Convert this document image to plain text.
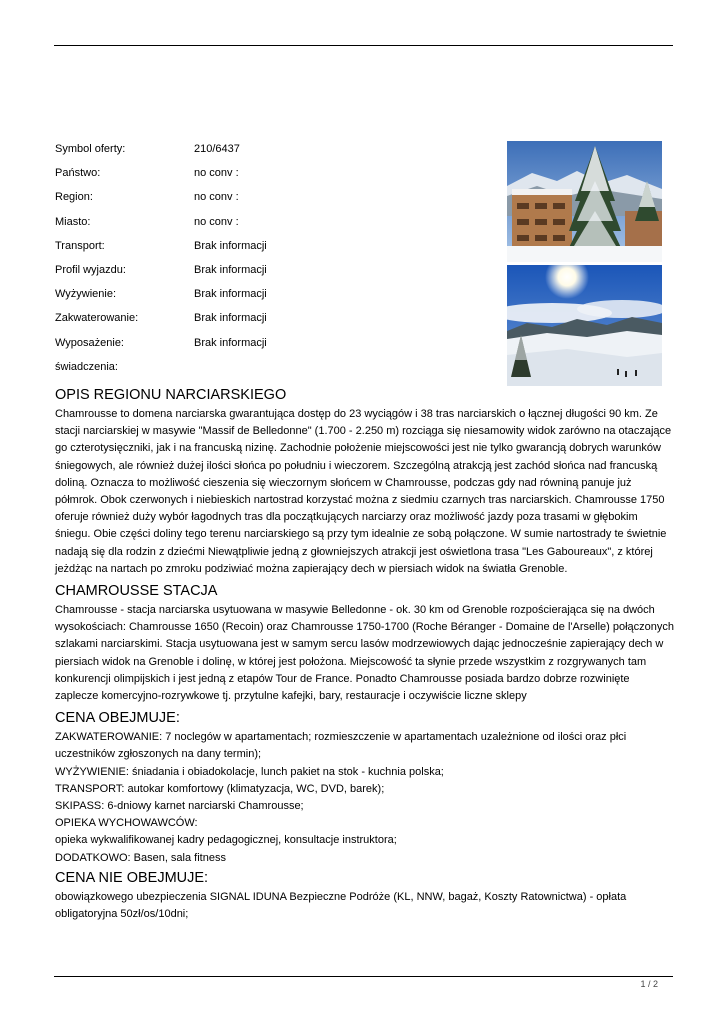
Symbol oferty:	210/6437
Państwo:	no conv :
Region:	no conv :
Miasto:	no conv :
Transport:	Brak informacji
Profil wyjazdu:	Brak informacji
Wyżywienie:	Brak informacji
Zakwaterowanie:	Brak informacji
Wyposażenie:	Brak informacji
świadczenia:
OPIS REGIONU NARCIARSKIEGO

Chamrousse to domena narciarska gwarantująca dostęp do 23 wyciągów i 38 tras narciarskich o łącznej długości 90 km. Ze stacji narciarskiej w masywie "Massif de Belledonne" (1.700 - 2.250 m) rozciąga się niesamowity widok zarówno na otaczające go czterotysięczniki, jak i na francuską nizinę. Zachodnie położenie miejscowości jest nie tylko gwarancją dobrych warunków śniegowych, ale również dużej ilości słońca po południu i wieczorem. Szczególną atrakcją jest zachód słońca nad francuską doliną. Oznacza to możliwość cieszenia się wieczornym słońcem w Chamrousse, podczas gdy nad równiną panuje już półmrok. Obok czerwonych i niebieskich nartostrad korzystać można z siedmiu czarnych tras narciarskich. Chamrousse 1750 oferuje również duży wybór łagodnych tras dla początkujących narciarzy oraz możliwość jazdy poza trasami w głębokim śniegu. Obie części doliny tego terenu narciarskiego są przy tym idealnie ze sobą połączone. W sumie nartostrady te świetnie nadają się dla rodzin z dziećmi Niewątpliwie jedną z głowniejszych atrakcji jest oświetlona trasa "Les Gaboureaux", z której jeżdżąc na nartach po zmroku podziwiać można zapierający dech w piersiach widok na światła Grenoble.

CHAMROUSSE STACJA

Chamrousse - stacja narciarska usytuowana w masywie Belledonne - ok. 30 km od Grenoble rozpościerająca się na dwóch wysokościach: Chamrousse 1650 (Recoin) oraz Chamrousse 1750-1700 (Roche Béranger - Domaine de l'Arselle) połączonych szlakami narciarskimi. Stacja usytuowana jest w samym sercu lasów modrzewiowych dając jednocześnie zapierający dech w piersiach widok na Grenoble i dolinę, w której jest położona. Miejscowość ta słynie przede wszystkim z rozgrywanych tam konkurencji olimpijskich i jest jedną z etapów Tour de France. Ponadto Chamrousse posiada bardzo dobrze rozwinięte zaplecze komercyjno-rozrywkowe tj. przytulne kafejki, bary, restauracje i oczywiście liczne sklepy

CENA OBEJMUJE:
ZAKWATEROWANIE: 7 noclegów w apartamentach; rozmieszczenie w apartamentach uzależnione od ilości oraz płci uczestników zgłoszonych na dany termin);
WYŻYWIENIE: śniadania i obiadokolacje, lunch pakiet na stok - kuchnia polska;
TRANSPORT: autokar komfortowy (klimatyzacja, WC, DVD, barek);
SKIPASS: 6-dniowy karnet narciarski Chamrousse;
OPIEKA WYCHOWAWCÓW:
opieka wykwalifikowanej kadry pedagogicznej, konsultacje instruktora;
DODATKOWO: Basen, sala fitness
CENA NIE OBEJMUJE:

obowiązkowego ubezpieczenia SIGNAL IDUNA Bezpieczne Podróże (KL, NNW, bagaż, Koszty Ratownictwa) - opłata obligatoryjna 50zł/os/10dni;

1 / 2
